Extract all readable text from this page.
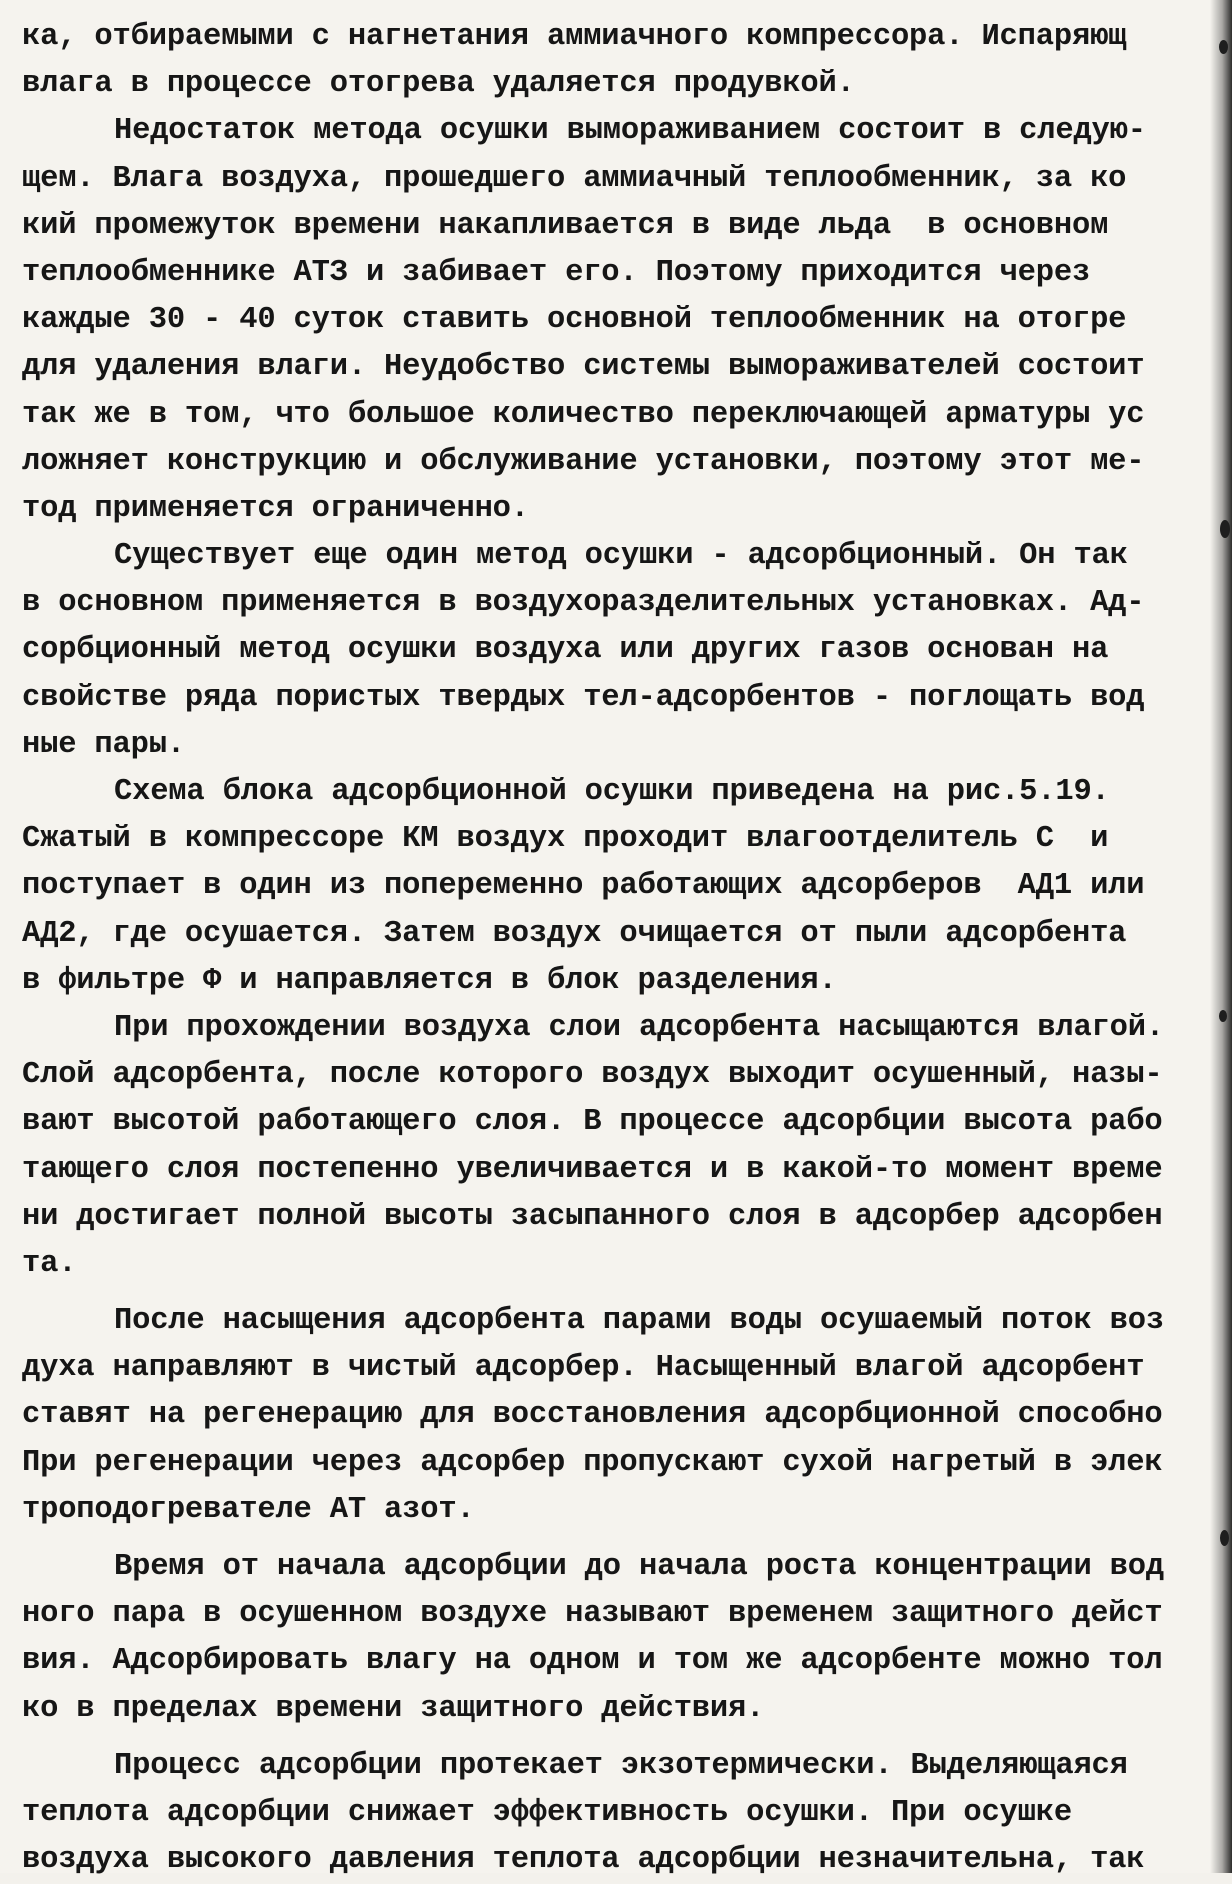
ка, отбираемыми с нагнетания аммиачного компрессора. Испаряющ
влага в процессе отогрева удаляется продувкой.
Недостаток метода осушки вымораживанием состоит в следую-
щем. Влага воздуха, прошедшего аммиачный теплообменник, за ко
кий промежуток времени накапливается в виде льда  в основном
теплообменнике АТЗ и забивает его. Поэтому приходится через
каждые 30 - 40 суток ставить основной теплообменник на отогре
для удаления влаги. Неудобство системы вымораживателей состоит
так же в том, что большое количество переключающей арматуры ус
ложняет конструкцию и обслуживание установки, поэтому этот ме-
тод применяется ограниченно.
Существует еще один метод осушки - адсорбционный. Он так
в основном применяется в воздухоразделительных установках. Ад-
сорбционный метод осушки воздуха или других газов основан на
свойстве ряда пористых твердых тел-адсорбентов - поглощать вод
ные пары.
Схема блока адсорбционной осушки приведена на рис.5.19.
Сжатый в компрессоре КМ воздух проходит влагоотделитель С  и
поступает в один из попеременно работающих адсорберов  АД1 или
АД2, где осушается. Затем воздух очищается от пыли адсорбента
в фильтре Ф и направляется в блок разделения.
При прохождении воздуха слои адсорбента насыщаются влагой.
Слой адсорбента, после которого воздух выходит осушенный, назы-
вают высотой работающего слоя. В процессе адсорбции высота рабо
тающего слоя постепенно увеличивается и в какой-то момент време
ни достигает полной высоты засыпанного слоя в адсорбер адсорбен
та.
После насыщения адсорбента парами воды осушаемый поток воз
духа направляют в чистый адсорбер. Насыщенный влагой адсорбент
ставят на регенерацию для восстановления адсорбционной способно
При регенерации через адсорбер пропускают сухой нагретый в элек
троподогревателе АТ азот.
Время от начала адсорбции до начала роста концентрации вод
ного пара в осушенном воздухе называют временем защитного дейст
вия. Адсорбировать влагу на одном и том же адсорбенте можно тол
ко в пределах времени защитного действия.
Процесс адсорбции протекает экзотермически. Выделяющаяся
теплота адсорбции снижает эффективность осушки. При осушке
воздуха высокого давления теплота адсорбции незначительна, так
